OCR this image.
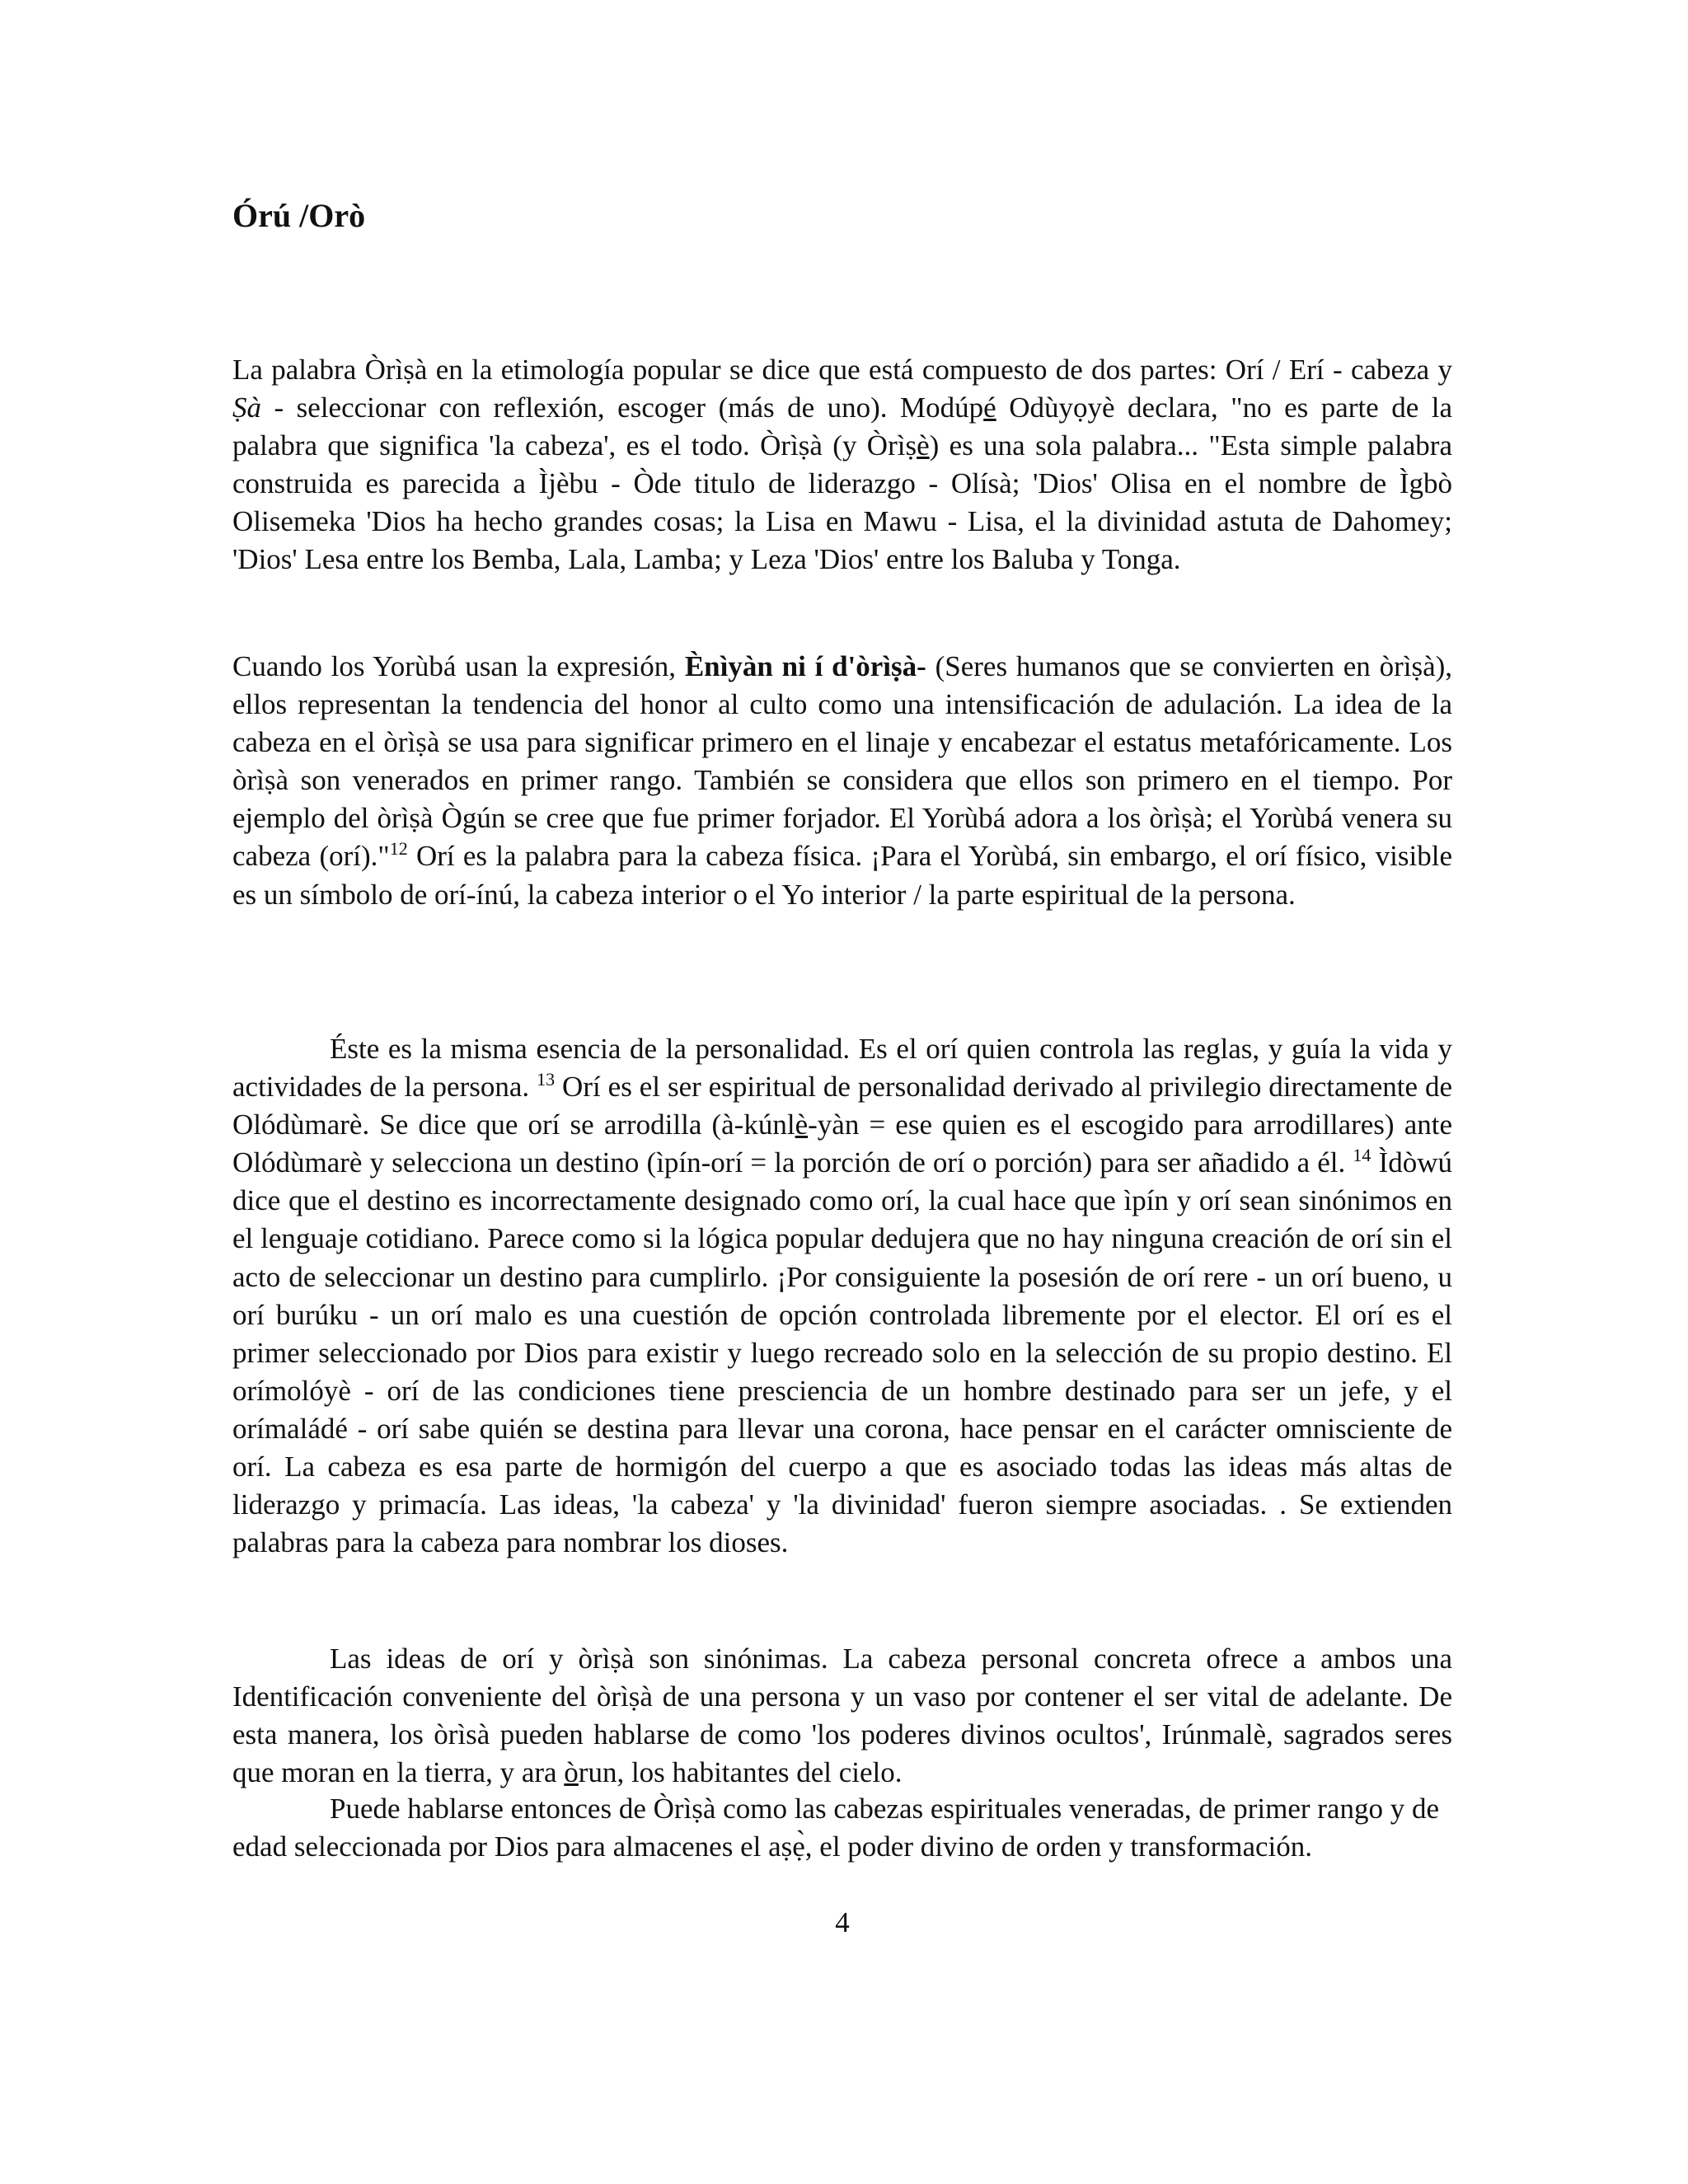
Órú /Orò

La palabra Òrìṣà en la etimología popular se dice que está compuesto de dos partes: Orí / Erí - cabeza y Ṣà - seleccionar con reflexión, escoger (más de uno). Modúpé Odùyọyè declara, "no es parte de la palabra que significa 'la cabeza', es el todo. Òrìṣà (y Òrìṣè) es una sola palabra... "Esta simple palabra construida es parecida a Ìjèbu - Òde titulo de liderazgo - Olísà; 'Dios' Olisa en el nombre de Ìgbò Olisemeka 'Dios ha hecho grandes cosas; la Lisa en Mawu - Lisa, el la divinidad astuta de Dahomey; 'Dios' Lesa entre los Bemba, Lala, Lamba; y Leza 'Dios' entre los Baluba y Tonga.

Cuando los Yorùbá usan la expresión, Ènìyàn ni í d'òrìṣà- (Seres humanos que se convierten en òrìṣà), ellos representan la tendencia del honor al culto como una intensificación de adulación. La idea de la cabeza en el òrìṣà se usa para significar primero en el linaje y encabezar el estatus metafóricamente. Los òrìṣà son venerados en primer rango. También se considera que ellos son primero en el tiempo. Por ejemplo del òrìṣà Ògún se cree que fue primer forjador. El Yorùbá adora a los òrìṣà; el Yorùbá venera su cabeza (orí)."$^{12}$ Orí es la palabra para la cabeza física. ¡Para el Yorùbá, sin embargo, el orí físico, visible es un símbolo de orí-ínú, la cabeza interior o el Yo interior / la parte espiritual de la persona.

Éste es la misma esencia de la personalidad. Es el orí quien controla las reglas, y guía la vida y actividades de la persona. $^{13}$ Orí es el ser espiritual de personalidad derivado al privilegio directamente de Olódùmarè. Se dice que orí se arrodilla (à-kúnlè-yàn = ese quien es el escogido para arrodillares) ante Olódùmarè y selecciona un destino (ìpín-orí = la porción de orí o porción) para ser añadido a él. $^{14}$ Ìdòwú dice que el destino es incorrectamente designado como orí, la cual hace que ìpín y orí sean sinónimos en el lenguaje cotidiano. Parece como si la lógica popular dedujera que no hay ninguna creación de orí sin el acto de seleccionar un destino para cumplirlo. ¡Por consiguiente la posesión de orí rere - un orí bueno, u orí burúku - un orí malo es una cuestión de opción controlada libremente por el elector. El orí es el primer seleccionado por Dios para existir y luego recreado solo en la selección de su propio destino. El orímolóyè - orí de las condiciones tiene presciencia de un hombre destinado para ser un jefe, y el orímaládé - orí sabe quién se destina para llevar una corona, hace pensar en el carácter omnisciente de orí. La cabeza es esa parte de hormigón del cuerpo a que es asociado todas las ideas más altas de liderazgo y primacía. Las ideas, 'la cabeza' y 'la divinidad' fueron siempre asociadas. . Se extienden palabras para la cabeza para nombrar los dioses.

Las ideas de orí y òrìṣà son sinónimas. La cabeza personal concreta ofrece a ambos una Identificación conveniente del òrìṣà de una persona y un vaso por contener el ser vital de adelante. De esta manera, los òrìsà pueden hablarse de como 'los poderes divinos ocultos', Irúnmalè, sagrados seres que moran en la tierra, y ara òrun, los habitantes del cielo.

Puede hablarse entonces de Òrìṣà como las cabezas espirituales veneradas, de primer rango y de edad seleccionada por Dios para almacenes el aṣẹ̀, el poder divino de orden y transformación.

4
